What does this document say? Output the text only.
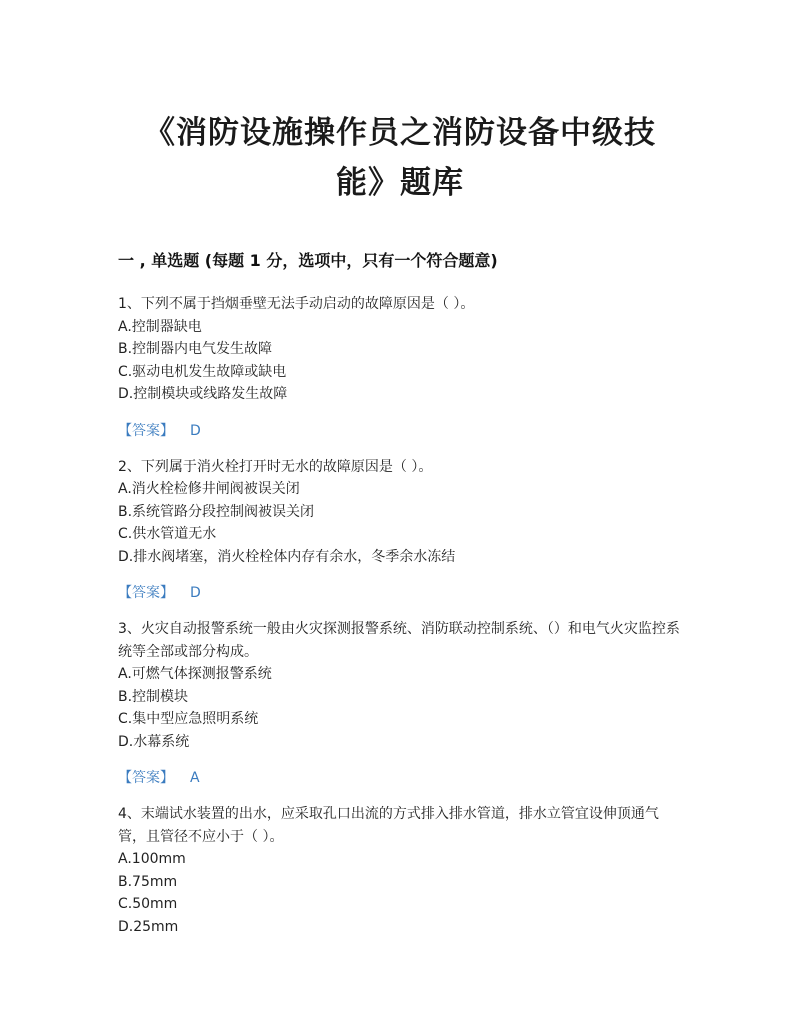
《消防设施操作员之消防设备中级技
能》题库
一 , 单选题 (每题 1 分，选项中，只有一个符合题意)
1、下列不属于挡烟垂壁无法手动启动的故障原因是（ ）。
A.控制器缺电
B.控制器内电气发生故障
C.驱动电机发生故障或缺电
D.控制模块或线路发生故障
【答案】 D
2、下列属于消火栓打开时无水的故障原因是（ ）。
A.消火栓检修井闸阀被误关闭
B.系统管路分段控制阀被误关闭
C.供水管道无水
D.排水阀堵塞，消火栓栓体内存有余水，冬季余水冻结
【答案】 D
3、火灾自动报警系统一般由火灾探测报警系统、消防联动控制系统、（）和电气火灾监控系统等全部或部分构成。
A.可燃气体探测报警系统
B.控制模块
C.集中型应急照明系统
D.水幕系统
【答案】 A
4、末端试水装置的出水，应采取孔口出流的方式排入排水管道，排水立管宜设伸顶通气管，且管径不应小于（ ）。
A.100mm
B.75mm
C.50mm
D.25mm
